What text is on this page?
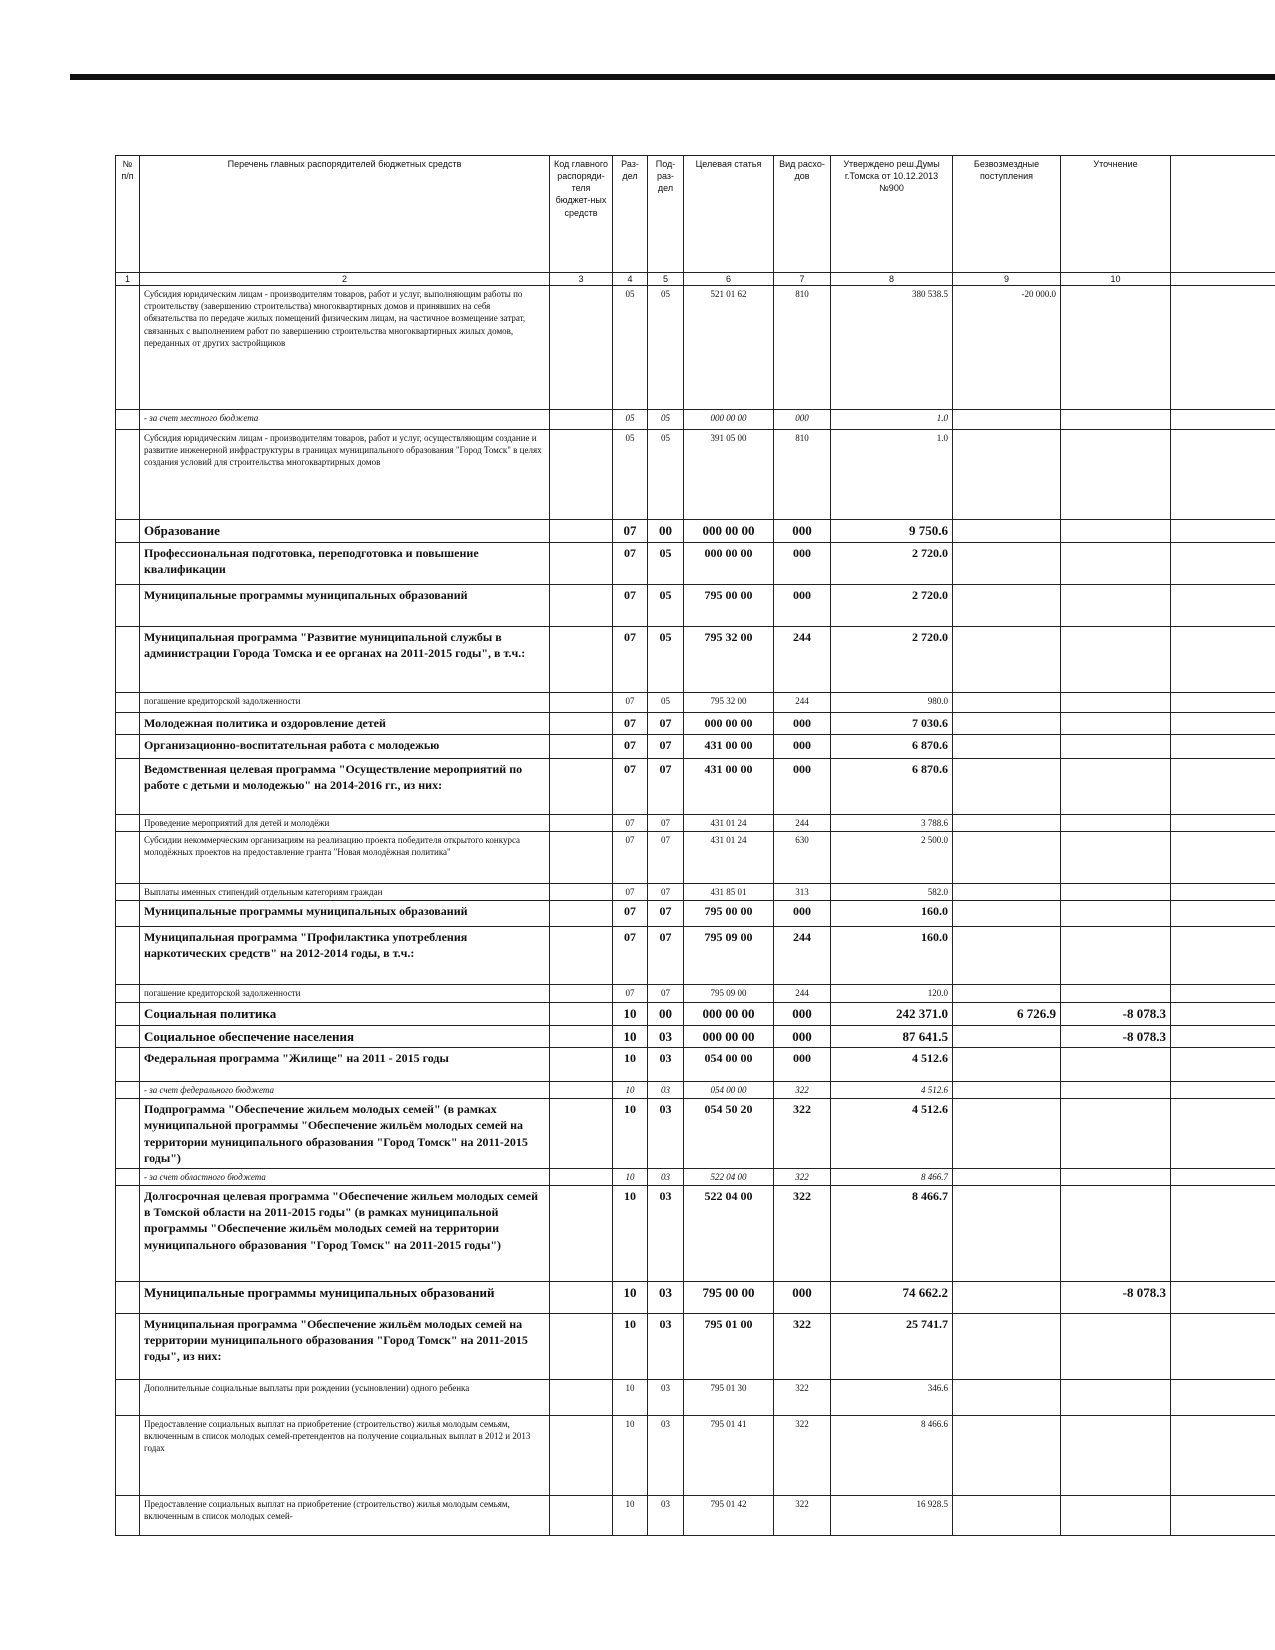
№ п/п	Перечень главных распорядителей бюджетных средств	Код главного распоряди-теля бюджет-ных средств	Раз-дел	Под-раз-дел	Целевая статья	Вид расхо-дов	Утверждено реш.Думы г.Томска от 10.12.2013 №900	Безвозмездные поступления	Уточнение	
1	2	3	4	5	6	7	8	9	10	
	Субсидия юридическим лицам - производителям товаров, работ и услуг, выполняющим работы по строительству (завершению строительства) многоквартирных домов и принявших на себя обязательства по передаче жилых помещений физическим лицам, на частичное возмещение затрат, связанных с выполнением работ по завершению строительства многоквартирных жилых домов, переданных от других застройщиков		05	05	521 01 62	810	380 538.5	-20 000.0		
	- за счет местного бюджета		05	05	000 00 00	000	1.0			
	Субсидия юридическим лицам - производителям товаров, работ и услуг, осуществляющим создание и развитие инженерной инфраструктуры в границах муниципального образования "Город Томск" в целях создания условий для строительства многоквартирных домов		05	05	391 05 00	810	1.0			
	Образование		07	00	000 00 00	000	9 750.6			
	Профессиональная подготовка, переподготовка и повышение квалификации		07	05	000 00 00	000	2 720.0			
	Муниципальные программы муниципальных образований		07	05	795 00 00	000	2 720.0			
	Муниципальная программа "Развитие муниципальной службы в администрации Города Томска и ее органах на 2011-2015 годы", в т.ч.:		07	05	795 32 00	244	2 720.0			
	погашение кредиторской задолженности		07	05	795 32 00	244	980.0			
	Молодежная политика и оздоровление детей		07	07	000 00 00	000	7 030.6			
	Организационно-воспитательная работа с молодежью		07	07	431 00 00	000	6 870.6			
	Ведомственная целевая программа "Осуществление мероприятий по работе с детьми и молодежью" на 2014-2016 гг., из них:		07	07	431 00 00	000	6 870.6			
	Проведение мероприятий для детей и молодёжи		07	07	431 01 24	244	3 788.6			
	Субсидии некоммерческим организациям на реализацию проекта победителя открытого конкурса молодёжных проектов на предоставление гранта "Новая молодёжная политика"		07	07	431 01 24	630	2 500.0			
	Выплаты именных стипендий отдельным категориям граждан		07	07	431 85 01	313	582.0			
	Муниципальные программы муниципальных образований		07	07	795 00 00	000	160.0			
	Муниципальная программа "Профилактика употребления наркотических средств" на 2012-2014 годы, в т.ч.:		07	07	795 09 00	244	160.0			
	погашение кредиторской задолженности		07	07	795 09 00	244	120.0			
	Социальная политика		10	00	000 00 00	000	242 371.0	6 726.9	-8 078.3	
	Социальное обеспечение населения		10	03	000 00 00	000	87 641.5		-8 078.3	
	Федеральная программа "Жилище" на 2011 - 2015 годы		10	03	054 00 00	000	4 512.6			
	- за счет федерального бюджета		10	03	054 00 00	322	4 512.6			
	Подпрограмма "Обеспечение жильем молодых семей" (в рамках муниципальной программы "Обеспечение жильём молодых семей на территории муниципального образования "Город Томск" на 2011-2015 годы")		10	03	054 50 20	322	4 512.6			
	- за счет областного бюджета		10	03	522 04 00	322	8 466.7			
	Долгосрочная целевая программа "Обеспечение жильем молодых семей в Томской области на 2011-2015 годы" (в рамках муниципальной программы "Обеспечение жильём молодых семей на территории муниципального образования "Город Томск" на 2011-2015 годы")		10	03	522 04 00	322	8 466.7			
	Муниципальные программы муниципальных образований		10	03	795 00 00	000	74 662.2		-8 078.3	
	Муниципальная программа "Обеспечение жильём молодых семей на территории муниципального образования "Город Томск" на 2011-2015 годы", из них:		10	03	795 01 00	322	25 741.7			
	Дополнительные социальные выплаты при рождении (усыновлении) одного ребенка		10	03	795 01 30	322	346.6			
	Предоставление социальных выплат на приобретение (строительство) жилья молодым семьям, включенным в список молодых семей-претендентов на получение социальных выплат в 2012 и 2013 годах		10	03	795 01 41	322	8 466.6			
	Предоставление социальных выплат на приобретение (строительство) жилья молодым семьям, включенным в список молодых семей-		10	03	795 01 42	322	16 928.5			
